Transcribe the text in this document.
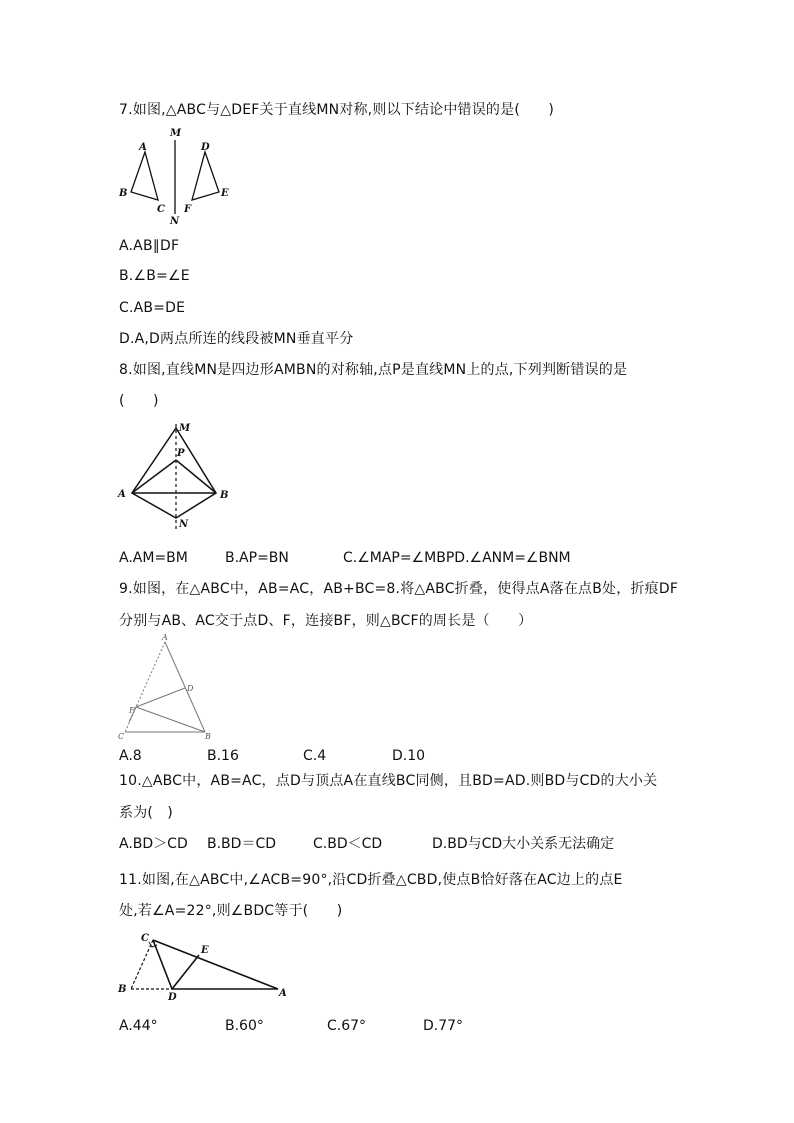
7.如图,△ABC与△DEF关于直线MN对称,则以下结论中错误的是(　　)
M
N
A
B
C
D
E
F
A.AB∥DF
B.∠B=∠E
C.AB=DE
D.A,D两点所连的线段被MN垂直平分
8.如图,直线MN是四边形AMBN的对称轴,点P是直线MN上的点,下列判断错误的是
(　　)
M
P
A	B
N
A.AM=BM	B.AP=BN	C.∠MAP=∠MBPD.∠ANM=∠BNM
9.如图，在△ABC中，AB=AC，AB+BC=8.将△ABC折叠，使得点A落在点B处，折痕DF
分别与AB、AC交于点D、F，连接BF，则△BCF的周长是（　　）
A
D
F
C	B
A.8	B.16	C.4	D.10
10.△ABC中，AB=AC，点D与顶点A在直线BC同侧，且BD=AD.则BD与CD的大小关
系为(　)
A.BD＞CD B.BD＝CD	C.BD＜CD	D.BD与CD大小关系无法确定
11.如图,在△ABC中,∠ACB=90°,沿CD折叠△CBD,使点B恰好落在AC边上的点E
处,若∠A=22°,则∠BDC等于(　　)
C
E
B
D	A
A.44°	B.60°	C.67°	D.77°
